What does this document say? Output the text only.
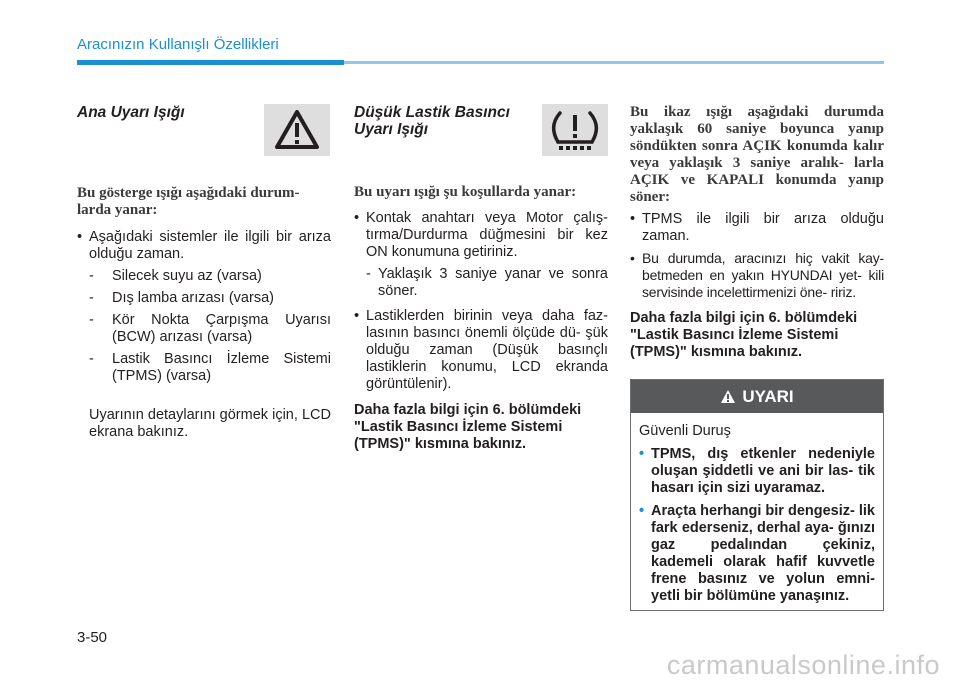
Aracınızın Kullanışlı Özellikleri

Ana Uyarı Işığı

Bu gösterge ışığı aşağıdaki durum- larda yanar:
• Aşağıdaki sistemler ile ilgili bir arıza olduğu zaman.
- Silecek suyu az (varsa)
- Dış lamba arızası (varsa)
- Kör Nokta Çarpışma Uyarısı (BCW) arızası (varsa)
- Lastik Basıncı İzleme Sistemi (TPMS) (varsa)
Uyarının detaylarını görmek için, LCD ekrana bakınız.

Düşük Lastik Basıncı

Uyarı Işığı

Bu uyarı ışığı şu koşullarda yanar:
• Kontak anahtarı veya Motor çalış- tırma/Durdurma düğmesini bir kez ON konumuna getiriniz.
- Yaklaşık 3 saniye yanar ve sonra söner.
• Lastiklerden birinin veya daha faz- lasının basıncı önemli ölçüde dü- şük olduğu zaman (Düşük basınçlı lastiklerin konumu, LCD ekranda görüntülenir).
Daha fazla bilgi için 6. bölümdeki "Lastik Basıncı İzleme Sistemi (TPMS)" kısmına bakınız.
Bu ikaz ışığı aşağıdaki durumda yaklaşık 60 saniye boyunca yanıp söndükten sonra AÇIK konumda kalır veya yaklaşık 3 saniye aralık- larla AÇIK ve KAPALI konumda yanıp söner:
• TPMS ile ilgili bir arıza olduğu zaman.
• Bu durumda, aracınızı hiç vakit kay- betmeden en yakın HYUNDAI yet- kili servisinde incelettirmenizi öne- ririz.
Daha fazla bilgi için 6. bölümdeki "Lastik Basıncı İzleme Sistemi (TPMS)" kısmına bakınız.
UYARI
Güvenli Duruş
• TPMS, dış etkenler nedeniyle oluşan şiddetli ve ani bir las- tik hasarı için sizi uyaramaz.
• Araçta herhangi bir dengesiz- lik fark ederseniz, derhal aya- ğınızı gaz pedalından çekiniz, kademeli olarak hafif kuvvetle frene basınız ve yolun emni- yetli bir bölümüne yanaşınız.
3-50
carmanualsonline.info
